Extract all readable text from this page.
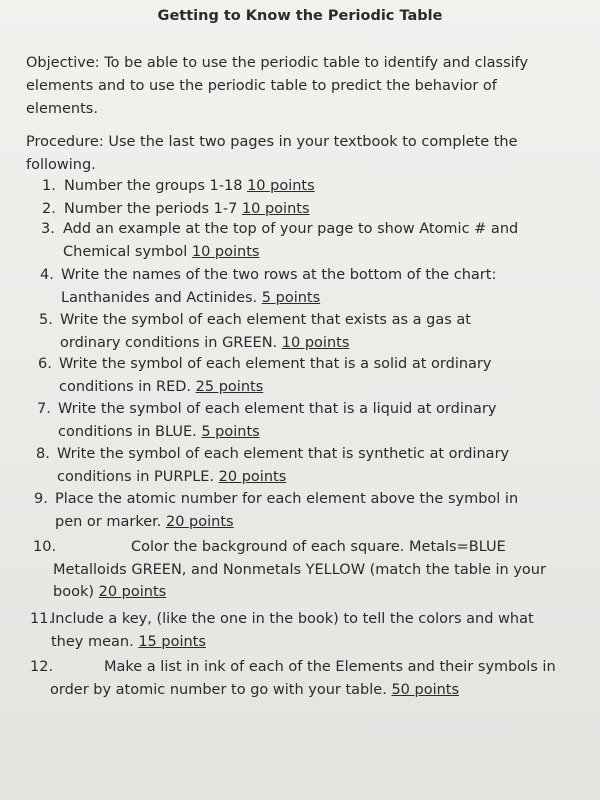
Getting to Know the Periodic Table
Objective: To be able to use the periodic table to identify and classify elements and to use the periodic table to predict the behavior of elements.
Procedure: Use the last two pages in your textbook to complete the following.
1. Number the groups 1-18 10 points
2. Number the periods 1-7 10 points
3. Add an example at the top of your page to show Atomic # and Chemical symbol 10 points
4. Write the names of the two rows at the bottom of the chart: Lanthanides and Actinides. 5 points
5. Write the symbol of each element that exists as a gas at ordinary conditions in GREEN. 10 points
6. Write the symbol of each element that is a solid at ordinary conditions in RED. 25 points
7. Write the symbol of each element that is a liquid at ordinary conditions in BLUE. 5 points
8. Write the symbol of each element that is synthetic at ordinary conditions in PURPLE. 20 points
9. Place the atomic number for each element above the symbol in pen or marker. 20 points
10.	Color the background of each square. Metals=BLUE Metalloids GREEN, and Nonmetals YELLOW (match the table in your book) 20 points
11.
Include a key, (like the one in the book) to tell the colors and what they mean. 15 points
12.	Make a list in ink of each of the Elements and their symbols in order by atomic number to go with your table. 50 points
